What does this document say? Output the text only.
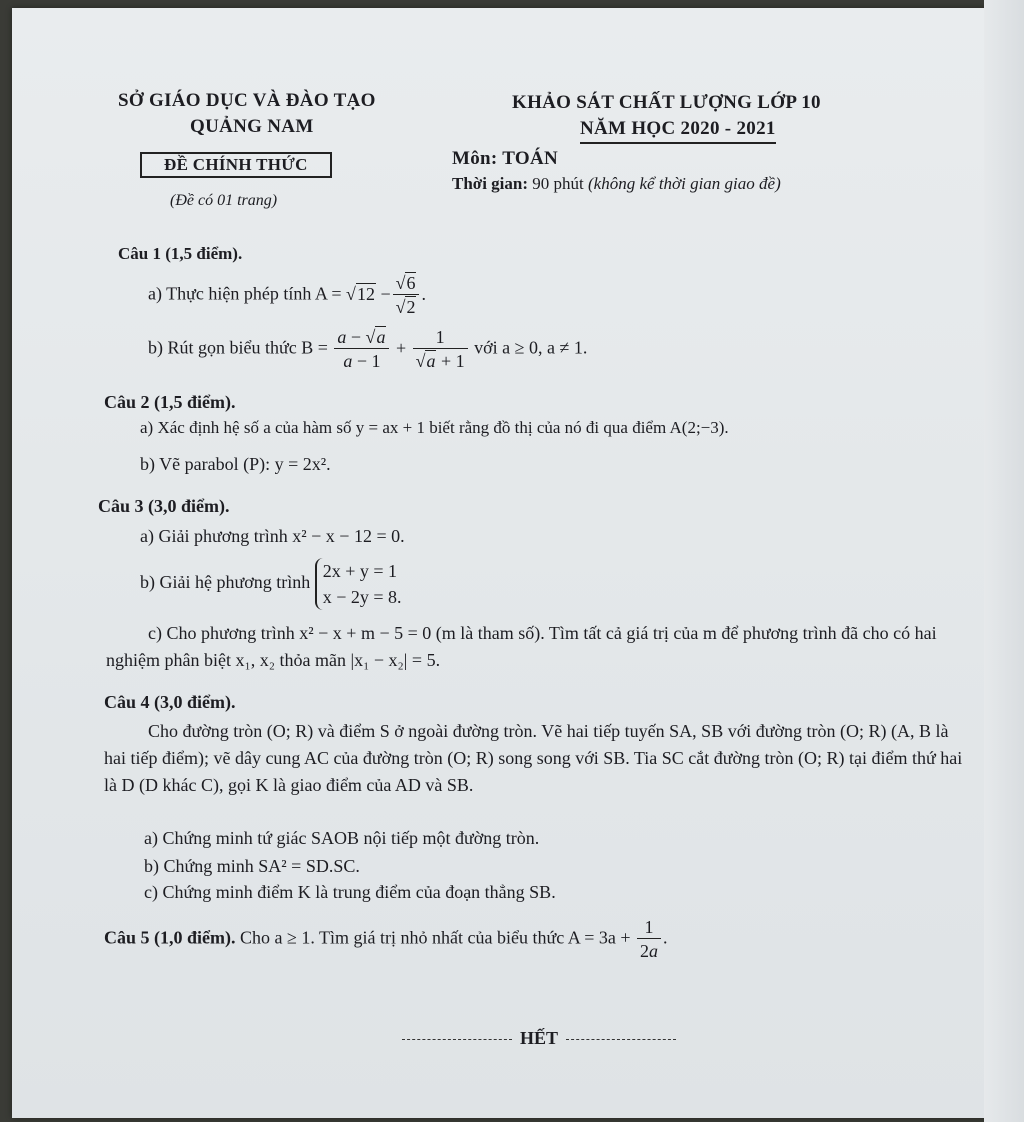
SỞ GIÁO DỤC VÀ ĐÀO TẠO
QUẢNG NAM
KHẢO SÁT CHẤT LƯỢNG LỚP 10
NĂM HỌC 2020 - 2021
ĐỀ CHÍNH THỨC
(Đề có 01 trang)
Môn: TOÁN
Thời gian: 90 phút (không kể thời gian giao đề)
Câu 1 (1,5 điểm).
a) Thực hiện phép tính $A = √12 - \frac{√6}{√2}$ .
b) Rút gọn biểu thức $B = \frac{a - √a}{a - 1} + \frac{1}{√a + 1}$ với a ≥ 0, a ≠ 1.
Câu 2 (1,5 điểm).
a) Xác định hệ số a của hàm số y = ax + 1 biết rằng đồ thị của nó đi qua điểm A(2;−3).
b) Vẽ parabol (P): y = 2x².
Câu 3 (3,0 điểm).
a) Giải phương trình x² − x − 12 = 0.
b) Giải hệ phương trình 2x + y = 1
x − 2y = 8.
c) Cho phương trình x² − x + m − 5 = 0 (m là tham số). Tìm tất cả giá trị của m để phương trình đã cho có hai nghiệm phân biệt x₁, x₂ thỏa mãn |x₁ − x₂| = 5.
Câu 4 (3,0 điểm).
Cho đường tròn (O; R) và điểm S ở ngoài đường tròn. Vẽ hai tiếp tuyến SA, SB với đường tròn (O; R) (A, B là hai tiếp điểm); vẽ dây cung AC của đường tròn (O; R) song song với SB. Tia SC cắt đường tròn (O; R) tại điểm thứ hai là D (D khác C), gọi K là giao điểm của AD và SB.
a) Chứng minh tứ giác SAOB nội tiếp một đường tròn.
b) Chứng minh SA² = SD.SC.
c) Chứng minh điểm K là trung điểm của đoạn thẳng SB.
Câu 5 (1,0 điểm). Cho a ≥ 1. Tìm giá trị nhỏ nhất của biểu thức $A = 3a + \frac{1}{2a}$ .
HẾT
